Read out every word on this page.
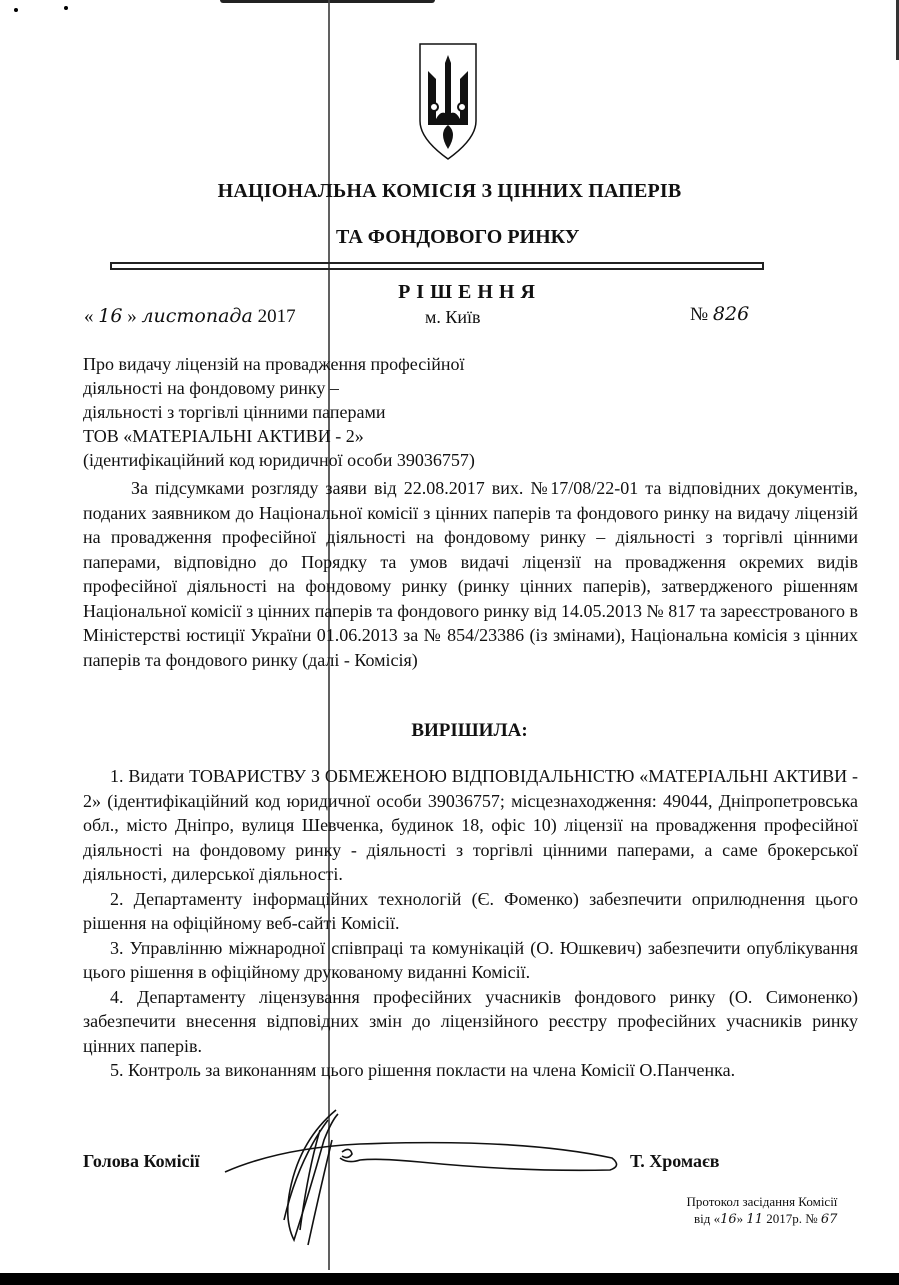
НАЦІОНАЛЬНА КОМІСІЯ З ЦІННИХ ПАПЕРІВ
ТА ФОНДОВОГО РИНКУ
РІШЕННЯ
« 16 » листопада 2017	м. Київ	№ 826
Про видачу ліцензій на провадження професійної
діяльності на фондовому ринку –
діяльності з торгівлі цінними паперами
ТОВ «МАТЕРІАЛЬНІ АКТИВИ - 2»
(ідентифікаційний код юридичної особи 39036757)

За підсумками розгляду заяви від 22.08.2017 вих. №17/08/22-01 та відповідних документів, поданих заявником до Національної комісії з цінних паперів та фондового ринку на видачу ліцензій на провадження професійної діяльності на фондовому ринку – діяльності з торгівлі цінними паперами, відповідно до Порядку та умов видачі ліцензії на провадження окремих видів професійної діяльності на фондовому ринку (ринку цінних паперів), затвердженого рішенням Національної комісії з цінних паперів та фондового ринку від 14.05.2013 № 817 та зареєстрованого в Міністерстві юстиції України 01.06.2013 за № 854/23386 (із змінами), Національна комісія з цінних паперів та фондового ринку (далі - Комісія)

ВИРІШИЛА:

1. Видати ТОВАРИСТВУ З ОБМЕЖЕНОЮ ВІДПОВІДАЛЬНІСТЮ «МАТЕРІАЛЬНІ АКТИВИ - 2» (ідентифікаційний код юридичної особи 39036757; місцезнаходження: 49044, Дніпропетровська обл., місто Дніпро, вулиця Шевченка, будинок 18, офіс 10) ліцензії на провадження професійної діяльності на фондовому ринку - діяльності з торгівлі цінними паперами, а саме брокерської діяльності, дилерської діяльності.

2. Департаменту інформаційних технологій (Є. Фоменко) забезпечити оприлюднення цього рішення на офіційному веб-сайті Комісії.

3. Управлінню міжнародної співпраці та комунікацій (О. Юшкевич) забезпечити опублікування цього рішення в офіційному друкованому виданні Комісії.

4. Департаменту ліцензування професійних учасників фондового ринку (О. Симоненко) забезпечити внесення відповідних змін до ліцензійного реєстру професійних учасників ринку цінних паперів.

5. Контроль за виконанням цього рішення покласти на члена Комісії О.Панченка.

Голова Комісії	Т. Хромаєв
Протокол засідання Комісії
від «16» 11 2017р. № 67
